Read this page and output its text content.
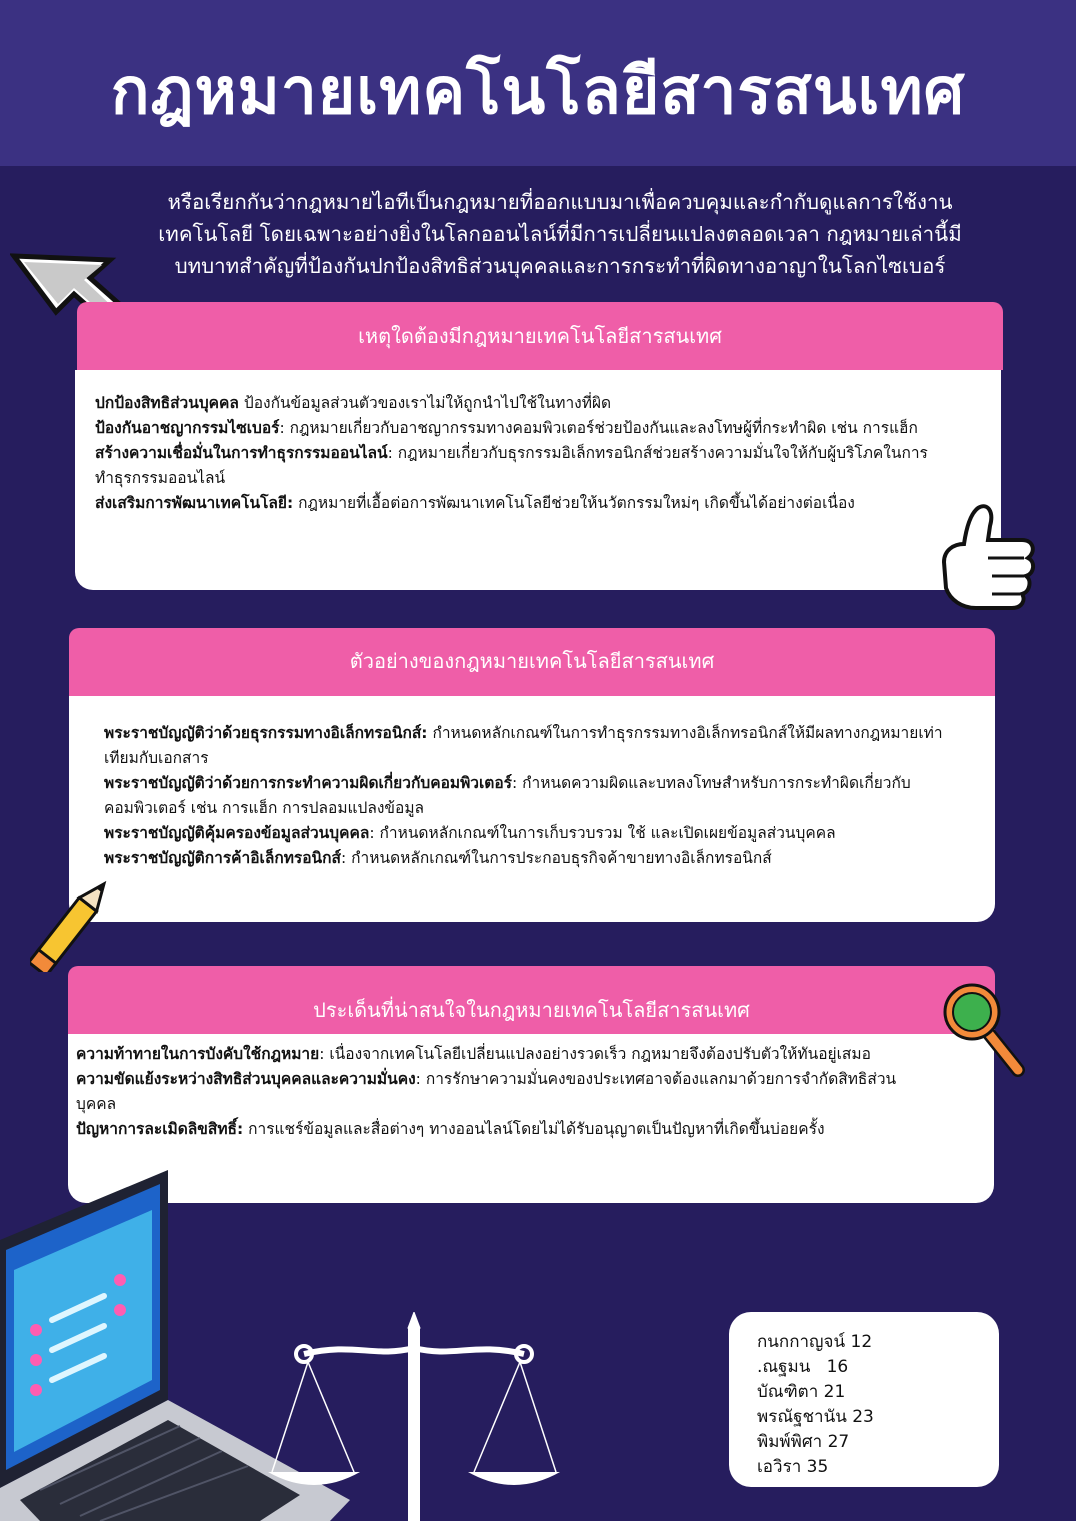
กฎหมายเทคโนโลยีสารสนเทศ
หรือเรียกกันว่ากฎหมายไอทีเป็นกฎหมายที่ออกแบบมาเพื่อควบคุมและกำกับดูแลการใช้งาน
เทคโนโลยี โดยเฉพาะอย่างยิ่งในโลกออนไลน์ที่มีการเปลี่ยนแปลงตลอดเวลา กฎหมายเล่านี้มี
บทบาทสำคัญที่ป้องกันปกป้องสิทธิส่วนบุคคลและการกระทำที่ผิดทางอาญาในโลกไซเบอร์
เหตุใดต้องมีกฎหมายเทคโนโลยีสารสนเทศ

ปกป้องสิทธิส่วนบุคคล ป้องกันข้อมูลส่วนตัวของเราไม่ให้ถูกนำไปใช้ในทางที่ผิด

ป้องกันอาชญากรรมไซเบอร์: กฎหมายเกี่ยวกับอาชญากรรมทางคอมพิวเตอร์ช่วยป้องกันและลงโทษผู้ที่กระทำผิด เช่น การแฮ็ก

สร้างความเชื่อมั่นในการทำธุรกรรมออนไลน์: กฎหมายเกี่ยวกับธุรกรรมอิเล็กทรอนิกส์ช่วยสร้างความมั่นใจให้กับผู้บริโภคในการทำธุรกรรมออนไลน์

ส่งเสริมการพัฒนาเทคโนโลยี: กฎหมายที่เอื้อต่อการพัฒนาเทคโนโลยีช่วยให้นวัตกรรมใหม่ๆ เกิดขึ้นได้อย่างต่อเนื่อง

ตัวอย่างของกฎหมายเทคโนโลยีสารสนเทศ

พระราชบัญญัติว่าด้วยธุรกรรมทางอิเล็กทรอนิกส์: กำหนดหลักเกณฑ์ในการทำธุรกรรมทางอิเล็กทรอนิกส์ให้มีผลทางกฎหมายเท่าเทียมกับเอกสาร

พระราชบัญญัติว่าด้วยการกระทำความผิดเกี่ยวกับคอมพิวเตอร์: กำหนดความผิดและบทลงโทษสำหรับการกระทำผิดเกี่ยวกับคอมพิวเตอร์ เช่น การแฮ็ก การปลอมแปลงข้อมูล

พระราชบัญญัติคุ้มครองข้อมูลส่วนบุคคล: กำหนดหลักเกณฑ์ในการเก็บรวบรวม ใช้ และเปิดเผยข้อมูลส่วนบุคคล

พระราชบัญญัติการค้าอิเล็กทรอนิกส์: กำหนดหลักเกณฑ์ในการประกอบธุรกิจค้าขายทางอิเล็กทรอนิกส์

ประเด็นที่น่าสนใจในกฎหมายเทคโนโลยีสารสนเทศ

ความท้าทายในการบังคับใช้กฎหมาย: เนื่องจากเทคโนโลยีเปลี่ยนแปลงอย่างรวดเร็ว กฎหมายจึงต้องปรับตัวให้ทันอยู่เสมอ

ความขัดแย้งระหว่างสิทธิส่วนบุคคลและความมั่นคง: การรักษาความมั่นคงของประเทศอาจต้องแลกมาด้วยการจำกัดสิทธิส่วนบุคคล

ปัญหาการละเมิดลิขสิทธิ์: การแชร์ข้อมูลและสื่อต่างๆ ทางออนไลน์โดยไม่ได้รับอนุญาตเป็นปัญหาที่เกิดขึ้นบ่อยครั้ง

กนกกาญจน์ 12
.ณฐมน   16
บัณฑิตา 21
พรณัฐชานัน 23
พิมพ์พิศา 27
เอวิรา 35
